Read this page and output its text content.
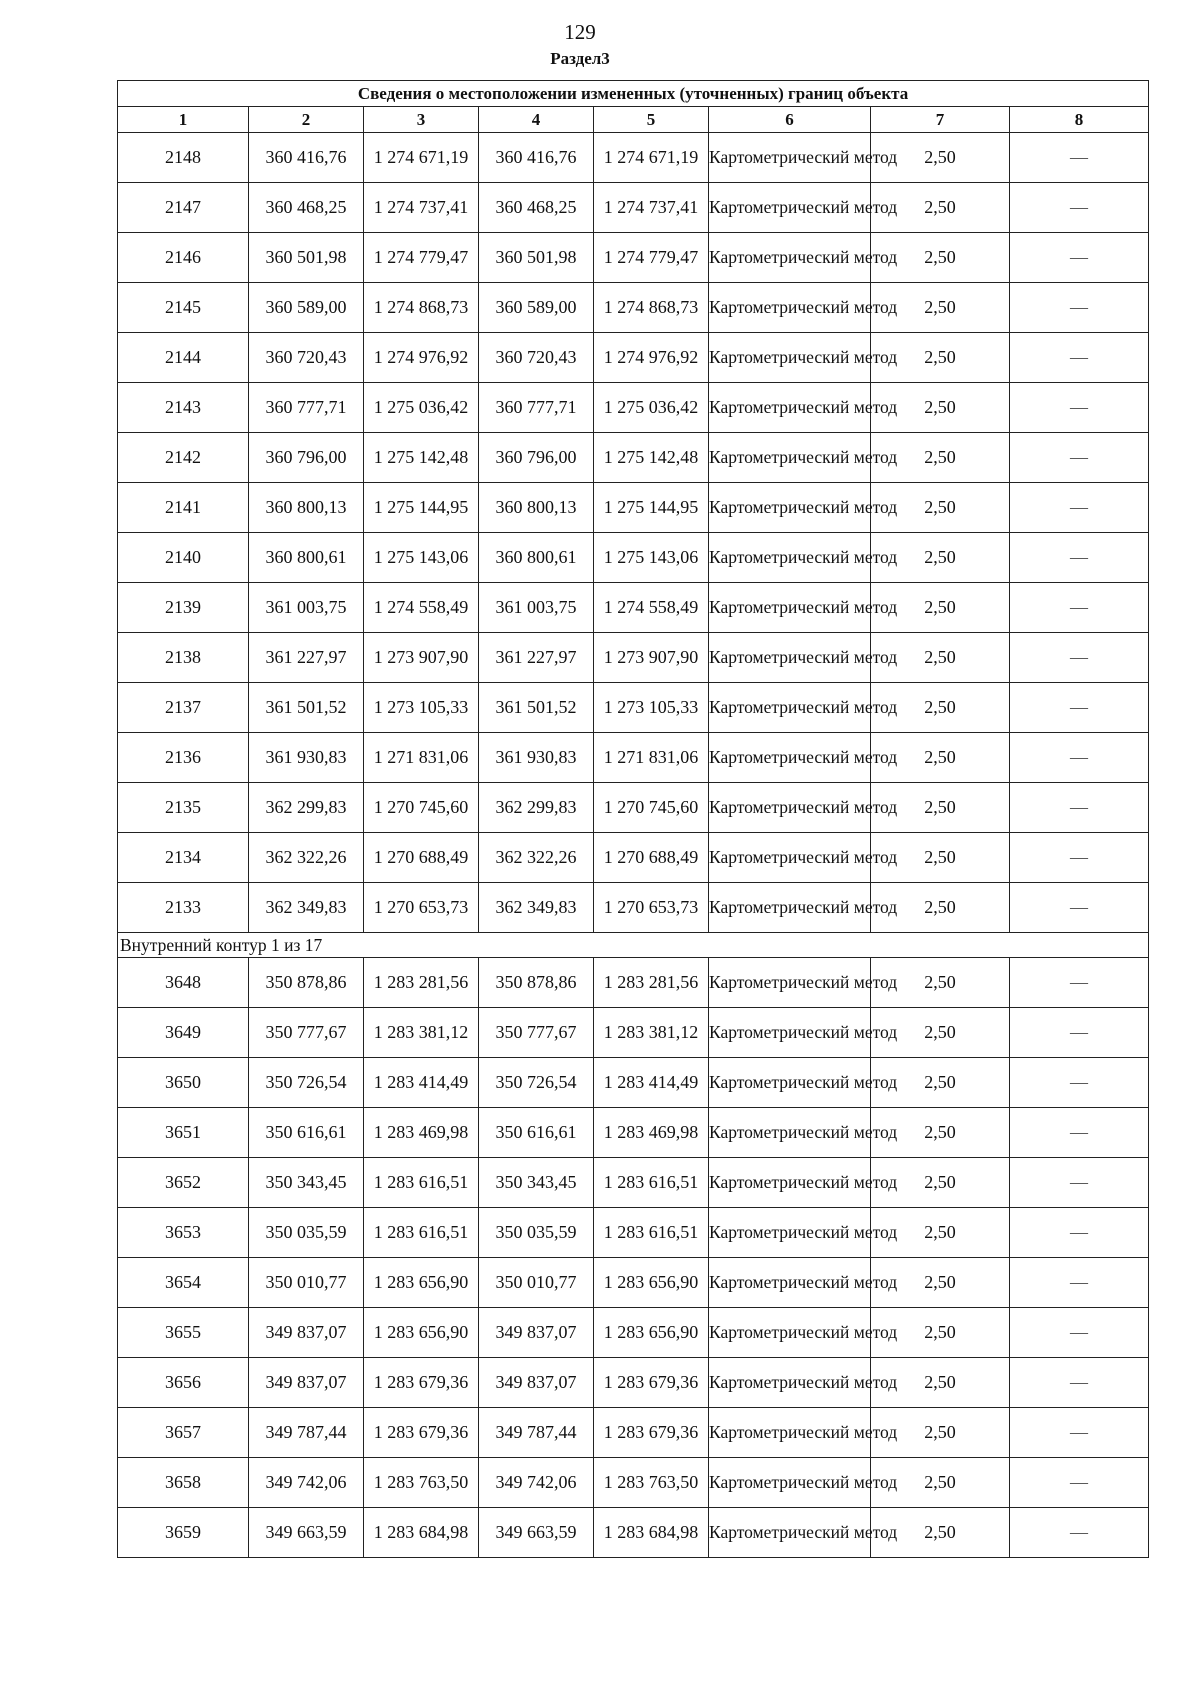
129
Раздел3
Сведения о местоположении измененных (уточненных) границ объекта							
1	2	3	4	5	6	7	8
2148	360 416,76	1 274 671,19	360 416,76	1 274 671,19	Картометрический метод	2,50	—
2147	360 468,25	1 274 737,41	360 468,25	1 274 737,41	Картометрический метод	2,50	—
2146	360 501,98	1 274 779,47	360 501,98	1 274 779,47	Картометрический метод	2,50	—
2145	360 589,00	1 274 868,73	360 589,00	1 274 868,73	Картометрический метод	2,50	—
2144	360 720,43	1 274 976,92	360 720,43	1 274 976,92	Картометрический метод	2,50	—
2143	360 777,71	1 275 036,42	360 777,71	1 275 036,42	Картометрический метод	2,50	—
2142	360 796,00	1 275 142,48	360 796,00	1 275 142,48	Картометрический метод	2,50	—
2141	360 800,13	1 275 144,95	360 800,13	1 275 144,95	Картометрический метод	2,50	—
2140	360 800,61	1 275 143,06	360 800,61	1 275 143,06	Картометрический метод	2,50	—
2139	361 003,75	1 274 558,49	361 003,75	1 274 558,49	Картометрический метод	2,50	—
2138	361 227,97	1 273 907,90	361 227,97	1 273 907,90	Картометрический метод	2,50	—
2137	361 501,52	1 273 105,33	361 501,52	1 273 105,33	Картометрический метод	2,50	—
2136	361 930,83	1 271 831,06	361 930,83	1 271 831,06	Картометрический метод	2,50	—
2135	362 299,83	1 270 745,60	362 299,83	1 270 745,60	Картометрический метод	2,50	—
2134	362 322,26	1 270 688,49	362 322,26	1 270 688,49	Картометрический метод	2,50	—
2133	362 349,83	1 270 653,73	362 349,83	1 270 653,73	Картометрический метод	2,50	—
Внутренний контур 1 из 17							
3648	350 878,86	1 283 281,56	350 878,86	1 283 281,56	Картометрический метод	2,50	—
3649	350 777,67	1 283 381,12	350 777,67	1 283 381,12	Картометрический метод	2,50	—
3650	350 726,54	1 283 414,49	350 726,54	1 283 414,49	Картометрический метод	2,50	—
3651	350 616,61	1 283 469,98	350 616,61	1 283 469,98	Картометрический метод	2,50	—
3652	350 343,45	1 283 616,51	350 343,45	1 283 616,51	Картометрический метод	2,50	—
3653	350 035,59	1 283 616,51	350 035,59	1 283 616,51	Картометрический метод	2,50	—
3654	350 010,77	1 283 656,90	350 010,77	1 283 656,90	Картометрический метод	2,50	—
3655	349 837,07	1 283 656,90	349 837,07	1 283 656,90	Картометрический метод	2,50	—
3656	349 837,07	1 283 679,36	349 837,07	1 283 679,36	Картометрический метод	2,50	—
3657	349 787,44	1 283 679,36	349 787,44	1 283 679,36	Картометрический метод	2,50	—
3658	349 742,06	1 283 763,50	349 742,06	1 283 763,50	Картометрический метод	2,50	—
3659	349 663,59	1 283 684,98	349 663,59	1 283 684,98	Картометрический метод	2,50	—
